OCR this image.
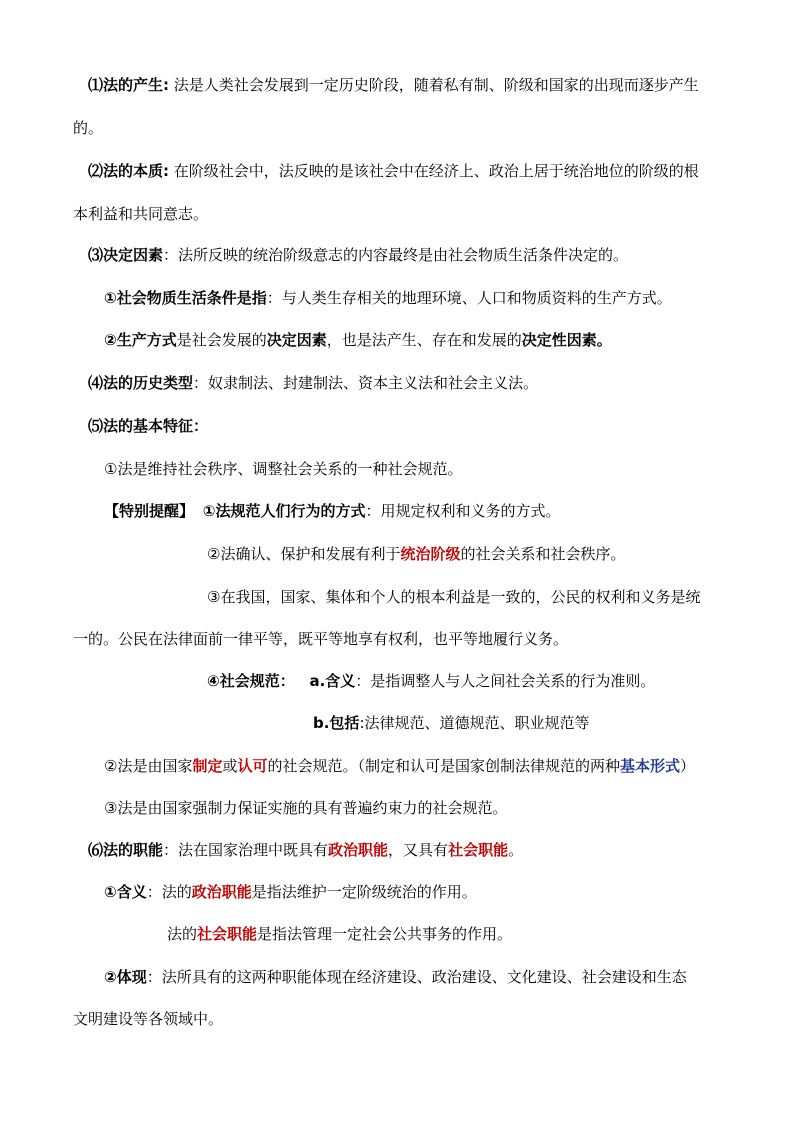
⑴法的产生: 法是人类社会发展到一定历史阶段，随着私有制、阶级和国家的出现而逐步产生
的。
⑵法的本质: 在阶级社会中，法反映的是该社会中在经济上、政治上居于统治地位的阶级的根
本利益和共同意志。
⑶决定因素：法所反映的统治阶级意志的内容最终是由社会物质生活条件决定的。
①社会物质生活条件是指：与人类生存相关的地理环境、人口和物质资料的生产方式。
②生产方式是社会发展的决定因素，也是法产生、存在和发展的决定性因素。
⑷法的历史类型：奴隶制法、封建制法、资本主义法和社会主义法。
⑸法的基本特征：
①法是维持社会秩序、调整社会关系的一种社会规范。
【特别提醒】 ①法规范人们行为的方式：用规定权利和义务的方式。
②法确认、保护和发展有利于统治阶级的社会关系和社会秩序。
③在我国，国家、集体和个人的根本利益是一致的，公民的权利和义务是统
一的。公民在法律面前一律平等，既平等地享有权利，也平等地履行义务。
④社会规范： a.含义：是指调整人与人之间社会关系的行为准则。
b.包括:法律规范、道德规范、职业规范等
②法是由国家制定或认可的社会规范。（制定和认可是国家创制法律规范的两种基本形式）
③法是由国家强制力保证实施的具有普遍约束力的社会规范。
⑹法的职能：法在国家治理中既具有政治职能，又具有社会职能。
①含义：法的政治职能是指法维护一定阶级统治的作用。
法的社会职能是指法管理一定社会公共事务的作用。
②体现：法所具有的这两种职能体现在经济建设、政治建设、文化建设、社会建设和生态
文明建设等各领域中。
